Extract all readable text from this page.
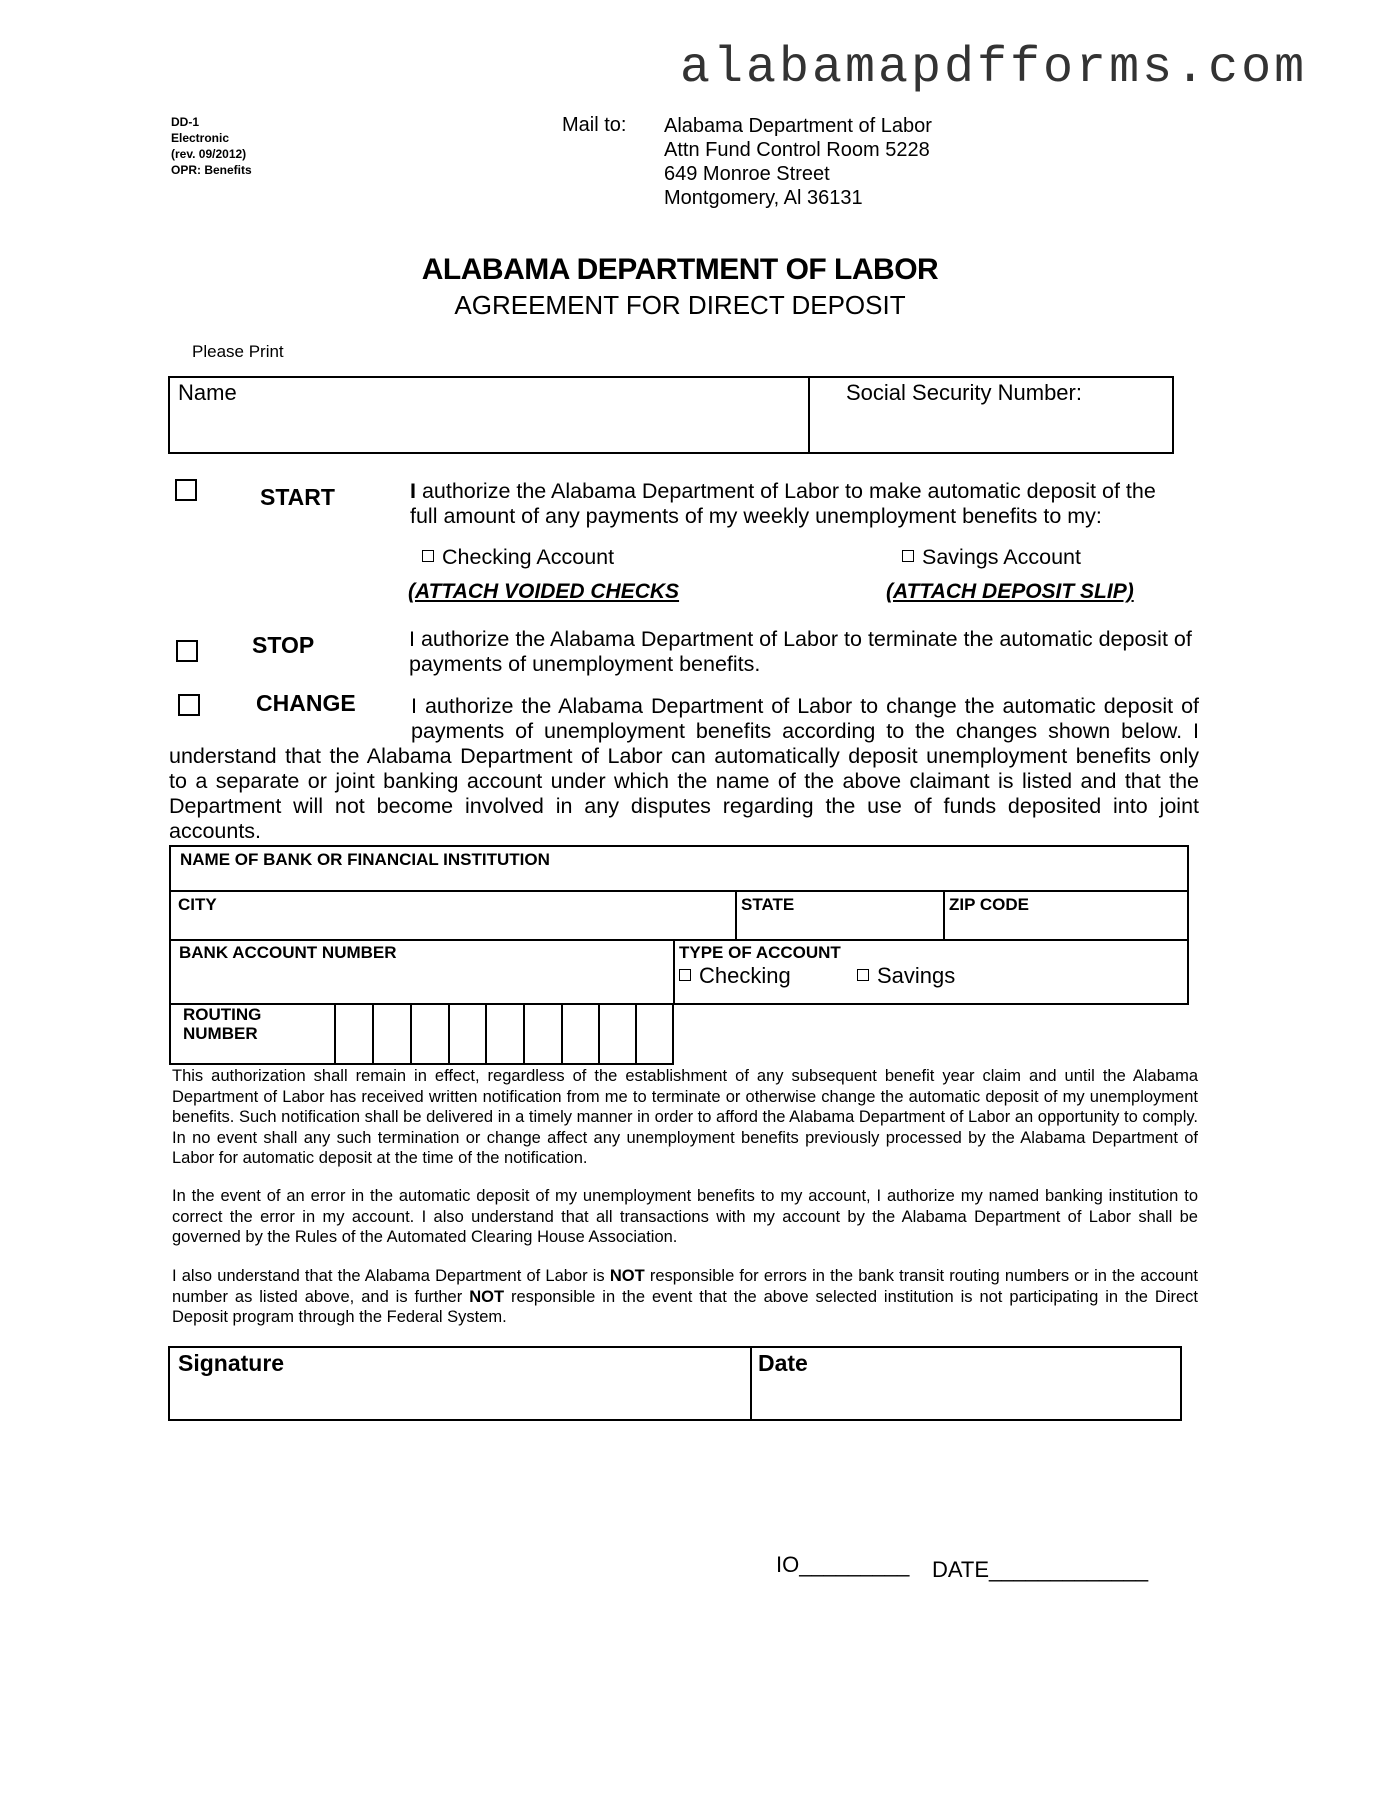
alabamapdfforms.com
DD-1
Electronic
(rev. 09/2012)
OPR: Benefits
Mail to: Alabama Department of Labor
Attn Fund Control Room 5228
649 Monroe Street
Montgomery, Al 36131
ALABAMA DEPARTMENT OF LABOR
AGREEMENT FOR DIRECT DEPOSIT
Please Print
Name	Social Security Number:
START	I authorize the Alabama Department of Labor to make automatic deposit of the
full amount of any payments of my weekly unemployment benefits to my:
Checking Account	Savings Account
(ATTACH VOIDED CHECKS	(ATTACH DEPOSIT SLIP)
STOP	I authorize the Alabama Department of Labor to terminate the automatic deposit of
payments of unemployment benefits.
CHANGE	I authorize the Alabama Department of Labor to change the automatic deposit of
payments of unemployment benefits according to the changes shown below. I
understand that the Alabama Department of Labor can automatically deposit unemployment benefits only
to a separate or joint banking account under which the name of the above claimant is listed and that the
Department will not become involved in any disputes regarding the use of funds deposited into joint
accounts.
NAME OF BANK OR FINANCIAL INSTITUTION
CITY	STATE	ZIP CODE
BANK ACCOUNT NUMBER	TYPE OF ACCOUNT
Checking	Savings
ROUTING
NUMBER
This authorization shall remain in effect, regardless of the establishment of any subsequent benefit year claim and until the Alabama Department of Labor has received written notification from me to terminate or otherwise change the automatic deposit of my unemployment benefits. Such notification shall be delivered in a timely manner in order to afford the Alabama Department of Labor an opportunity to comply. In no event shall any such termination or change affect any unemployment benefits previously processed by the Alabama Department of Labor for automatic deposit at the time of the notification.
In the event of an error in the automatic deposit of my unemployment benefits to my account, I authorize my named banking institution to correct the error in my account. I also understand that all transactions with my account by the Alabama Department of Labor shall be governed by the Rules of the Automated Clearing House Association.
I also understand that the Alabama Department of Labor is NOT responsible for errors in the bank transit routing numbers or in the account number as listed above, and is further NOT responsible in the event that the above selected institution is not participating in the Direct Deposit program through the Federal System.
Signature	Date
IO_________ DATE_____________
